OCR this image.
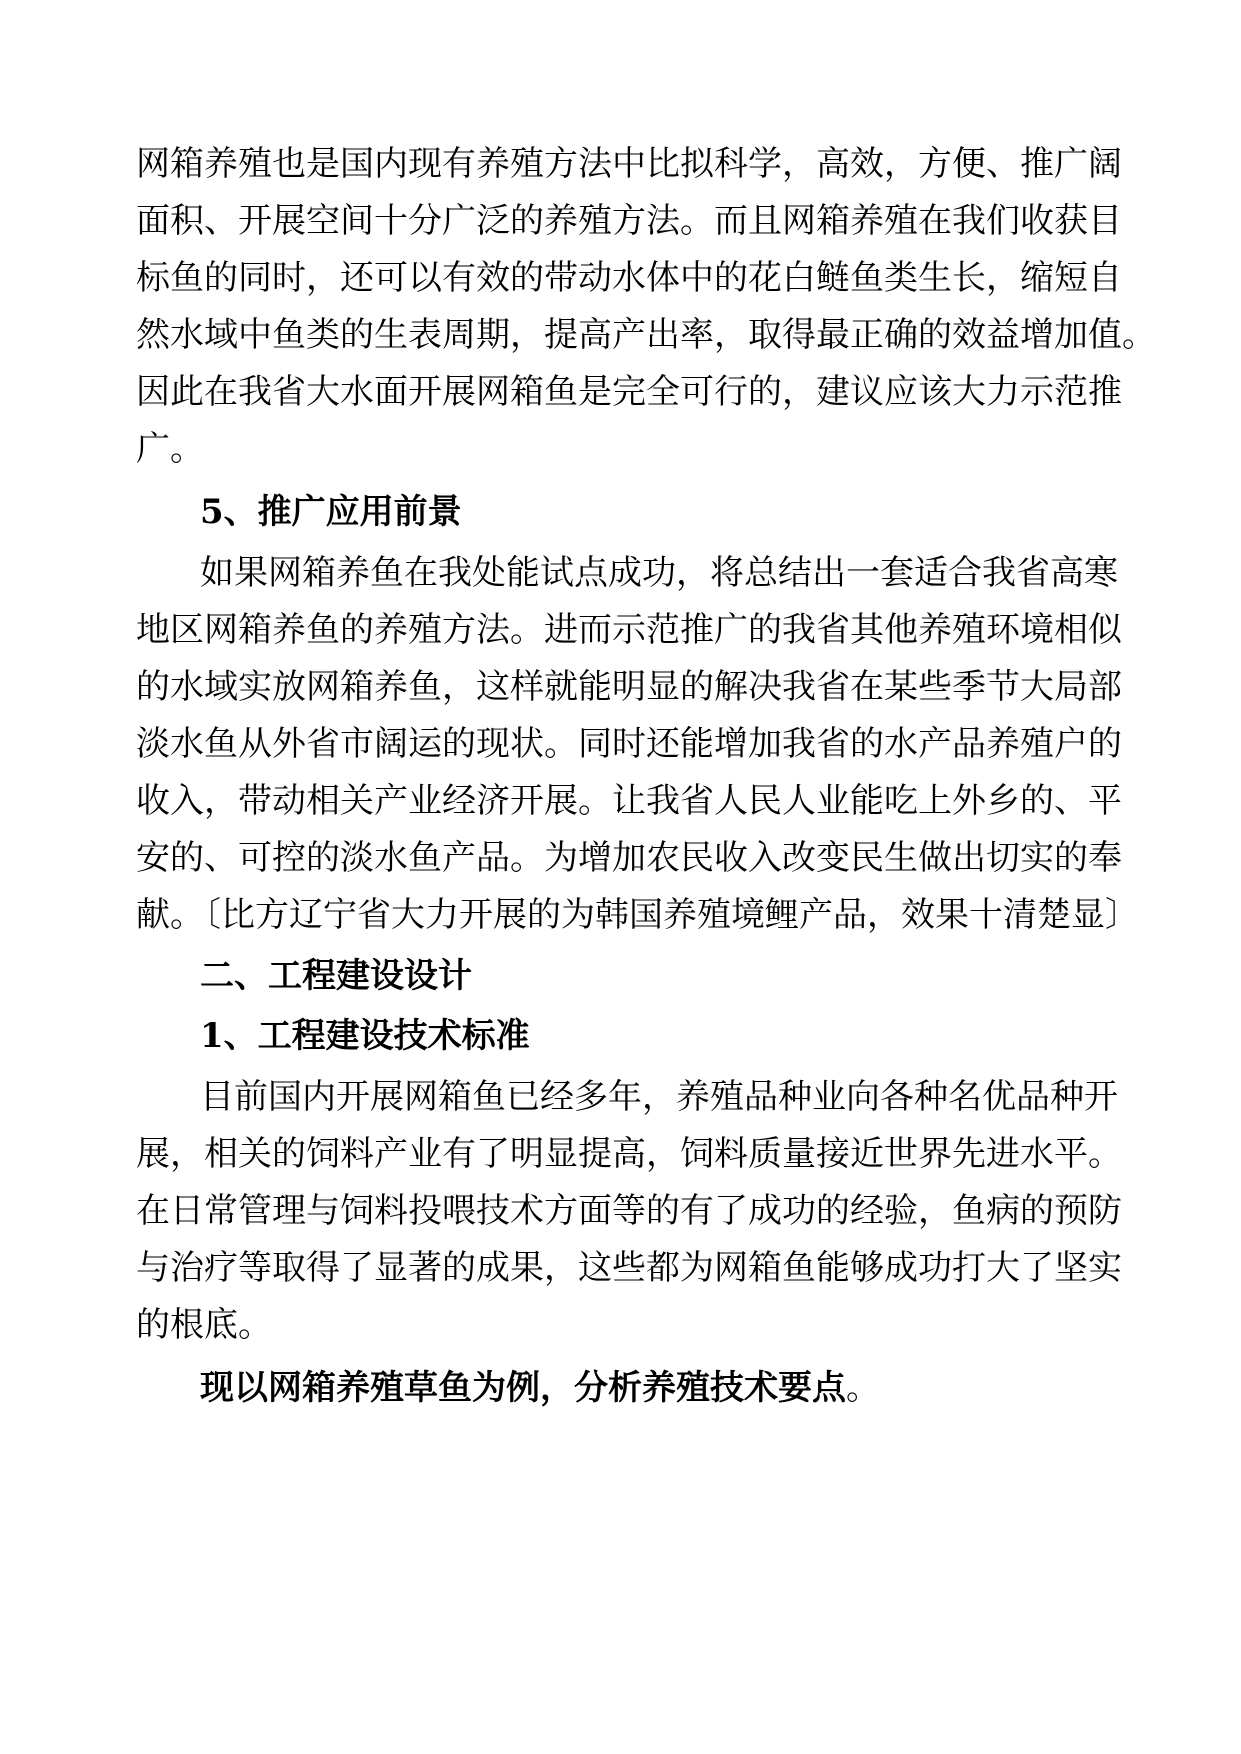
网箱养殖也是国内现有养殖方法中比拟科学，高效，方便、推广阔
面积、开展空间十分广泛的养殖方法。而且网箱养殖在我们收获目
标鱼的同时，还可以有效的带动水体中的花白鲢鱼类生长，缩短自
然水域中鱼类的生表周期，提高产出率，取得最正确的效益增加值。
因此在我省大水面开展网箱鱼是完全可行的，建议应该大力示范推
广。
5、推广应用前景
如果网箱养鱼在我处能试点成功，将总结出一套适合我省高寒
地区网箱养鱼的养殖方法。进而示范推广的我省其他养殖环境相似
的水域实放网箱养鱼，这样就能明显的解决我省在某些季节大局部
淡水鱼从外省市阔运的现状。同时还能增加我省的水产品养殖户的
收入，带动相关产业经济开展。让我省人民人业能吃上外乡的、平
安的、可控的淡水鱼产品。为增加农民收入改变民生做出切实的奉
献。〔比方辽宁省大力开展的为韩国养殖境鲤产品，效果十清楚显〕
二、工程建设设计
1、工程建设技术标准
目前国内开展网箱鱼已经多年，养殖品种业向各种名优品种开
展，相关的饲料产业有了明显提高，饲料质量接近世界先进水平。
在日常管理与饲料投喂技术方面等的有了成功的经验，鱼病的预防
与治疗等取得了显著的成果，这些都为网箱鱼能够成功打大了坚实
的根底。
现以网箱养殖草鱼为例，分析养殖技术要点。
